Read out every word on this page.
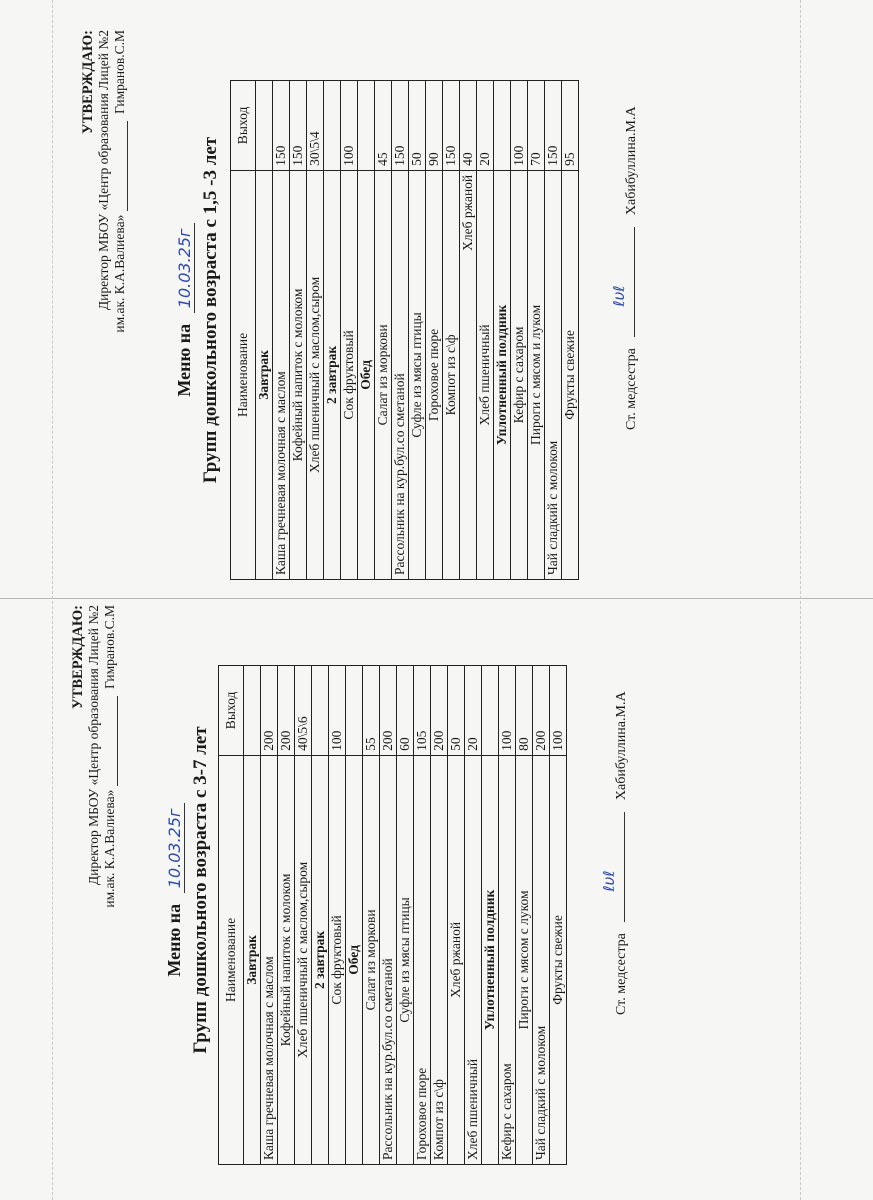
УТВЕРЖДАЮ: Директор МБОУ «Центр образования Лицей №2 им.ак. К.А.Валиева»  Гимранов.С.М
Меню на 10.03.25г Групп дошкольного возраста с 3-7 лет Наименование	Выход
Завтрак	
Каша гречневая молочная с маслом	200
Кофейный напиток с молоком	200
Хлеб пшеничный с маслом,сыром	40\5\6
2 завтрак	
Сок фруктовый	100
Обед	
Салат из моркови	55
Рассольник на кур.бул.со сметаной	200
Суфле из мясы птицы	60
Гороховое пюре	105
Компот из с\ф	200
Хлеб ржаной	50
Хлеб пшеничный	20
Уплотненный полдник	
Кефир с сахаром	100
Пироги с мясом с луком	80
Чай сладкий с молоком	200
Фрукты свежие	100
Ст. медсестра
ℓυℓ
Хабибуллина.М.А
УТВЕРЖДАЮ: Директор МБОУ «Центр образования Лицей №2 им.ак. К.А.Валиева»  Гимранов.С.М
Меню на 10.03.25г Групп дошкольного возраста с 1,5 -3 лет Наименование	Выход
Завтрак	
Каша гречневая молочная с маслом	150
Кофейный напиток с молоком	150
Хлеб пшеничный с маслом,сыром	30\5\4
2 завтрак	
Сок фруктовый	100
Обед	
Салат из моркови	45
Рассольник на кур.бул.со сметаной	150
Суфле из мясы птицы	50
Гороховое пюре	90
Компот из с\ф	150
Хлеб ржаной	40
Хлеб пшеничный	20
Уплотненный полдник	
Кефир с сахаром	100
Пироги с мясом и луком	70
Чай сладкий с молоком	150
Фрукты свежие	95
Ст. медсестра
ℓυℓ
Хабибуллина.М.А
